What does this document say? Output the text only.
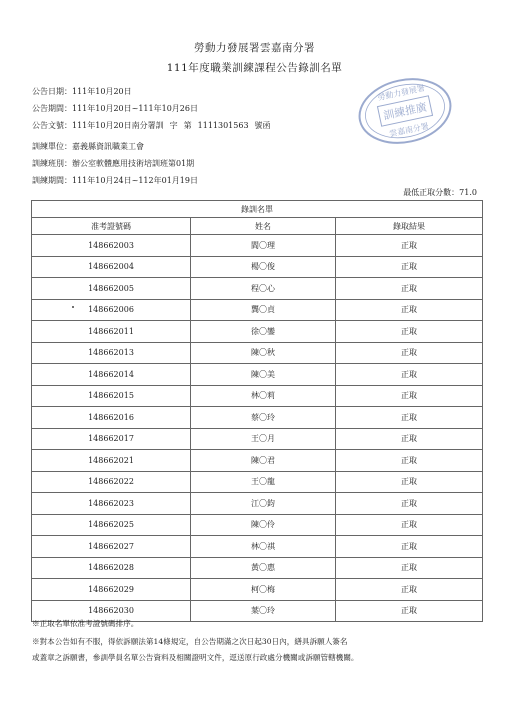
勞動力發展署雲嘉南分署
111年度職業訓練課程公告錄訓名單
公告日期：111年10月20日
公告期間：111年10月20日~111年10月26日
公告文號：111年10月20日南分署訓 字 第 1111301563 號函
訓練單位：嘉義縣資訊職業工會
訓練班別：辦公室軟體應用技術培訓班第01期
訓練期間：111年10月24日~112年01月19日
最低正取分數：71.0
勞動力發展署
訓練推廣
雲嘉南分署
錄訓名單		
准考證號碼	姓名	錄取結果
148662003	閻〇理	正取
148662004	楊〇俊	正取
148662005	程〇心	正取
148662006	龔〇貞	正取
148662011	徐〇鑾	正取
148662013	陳〇秋	正取
148662014	陳〇美	正取
148662015	林〇莉	正取
148662016	蔡〇玲	正取
148662017	王〇月	正取
148662021	陳〇君	正取
148662022	王〇龍	正取
148662023	江〇鈞	正取
148662025	陳〇伶	正取
148662027	林〇祺	正取
148662028	黃〇惠	正取
148662029	柯〇梅	正取
148662030	葉〇玲	正取
※正取名單依准考證號碼排序。
※對本公告如有不服，得依訴願法第14條規定，自公告期滿之次日起30日內，繕具訴願人簽名
或蓋章之訴願書，參訓學員名單公告資料及相關證明文件，逕送原行政處分機關或訴願管轄機關。
